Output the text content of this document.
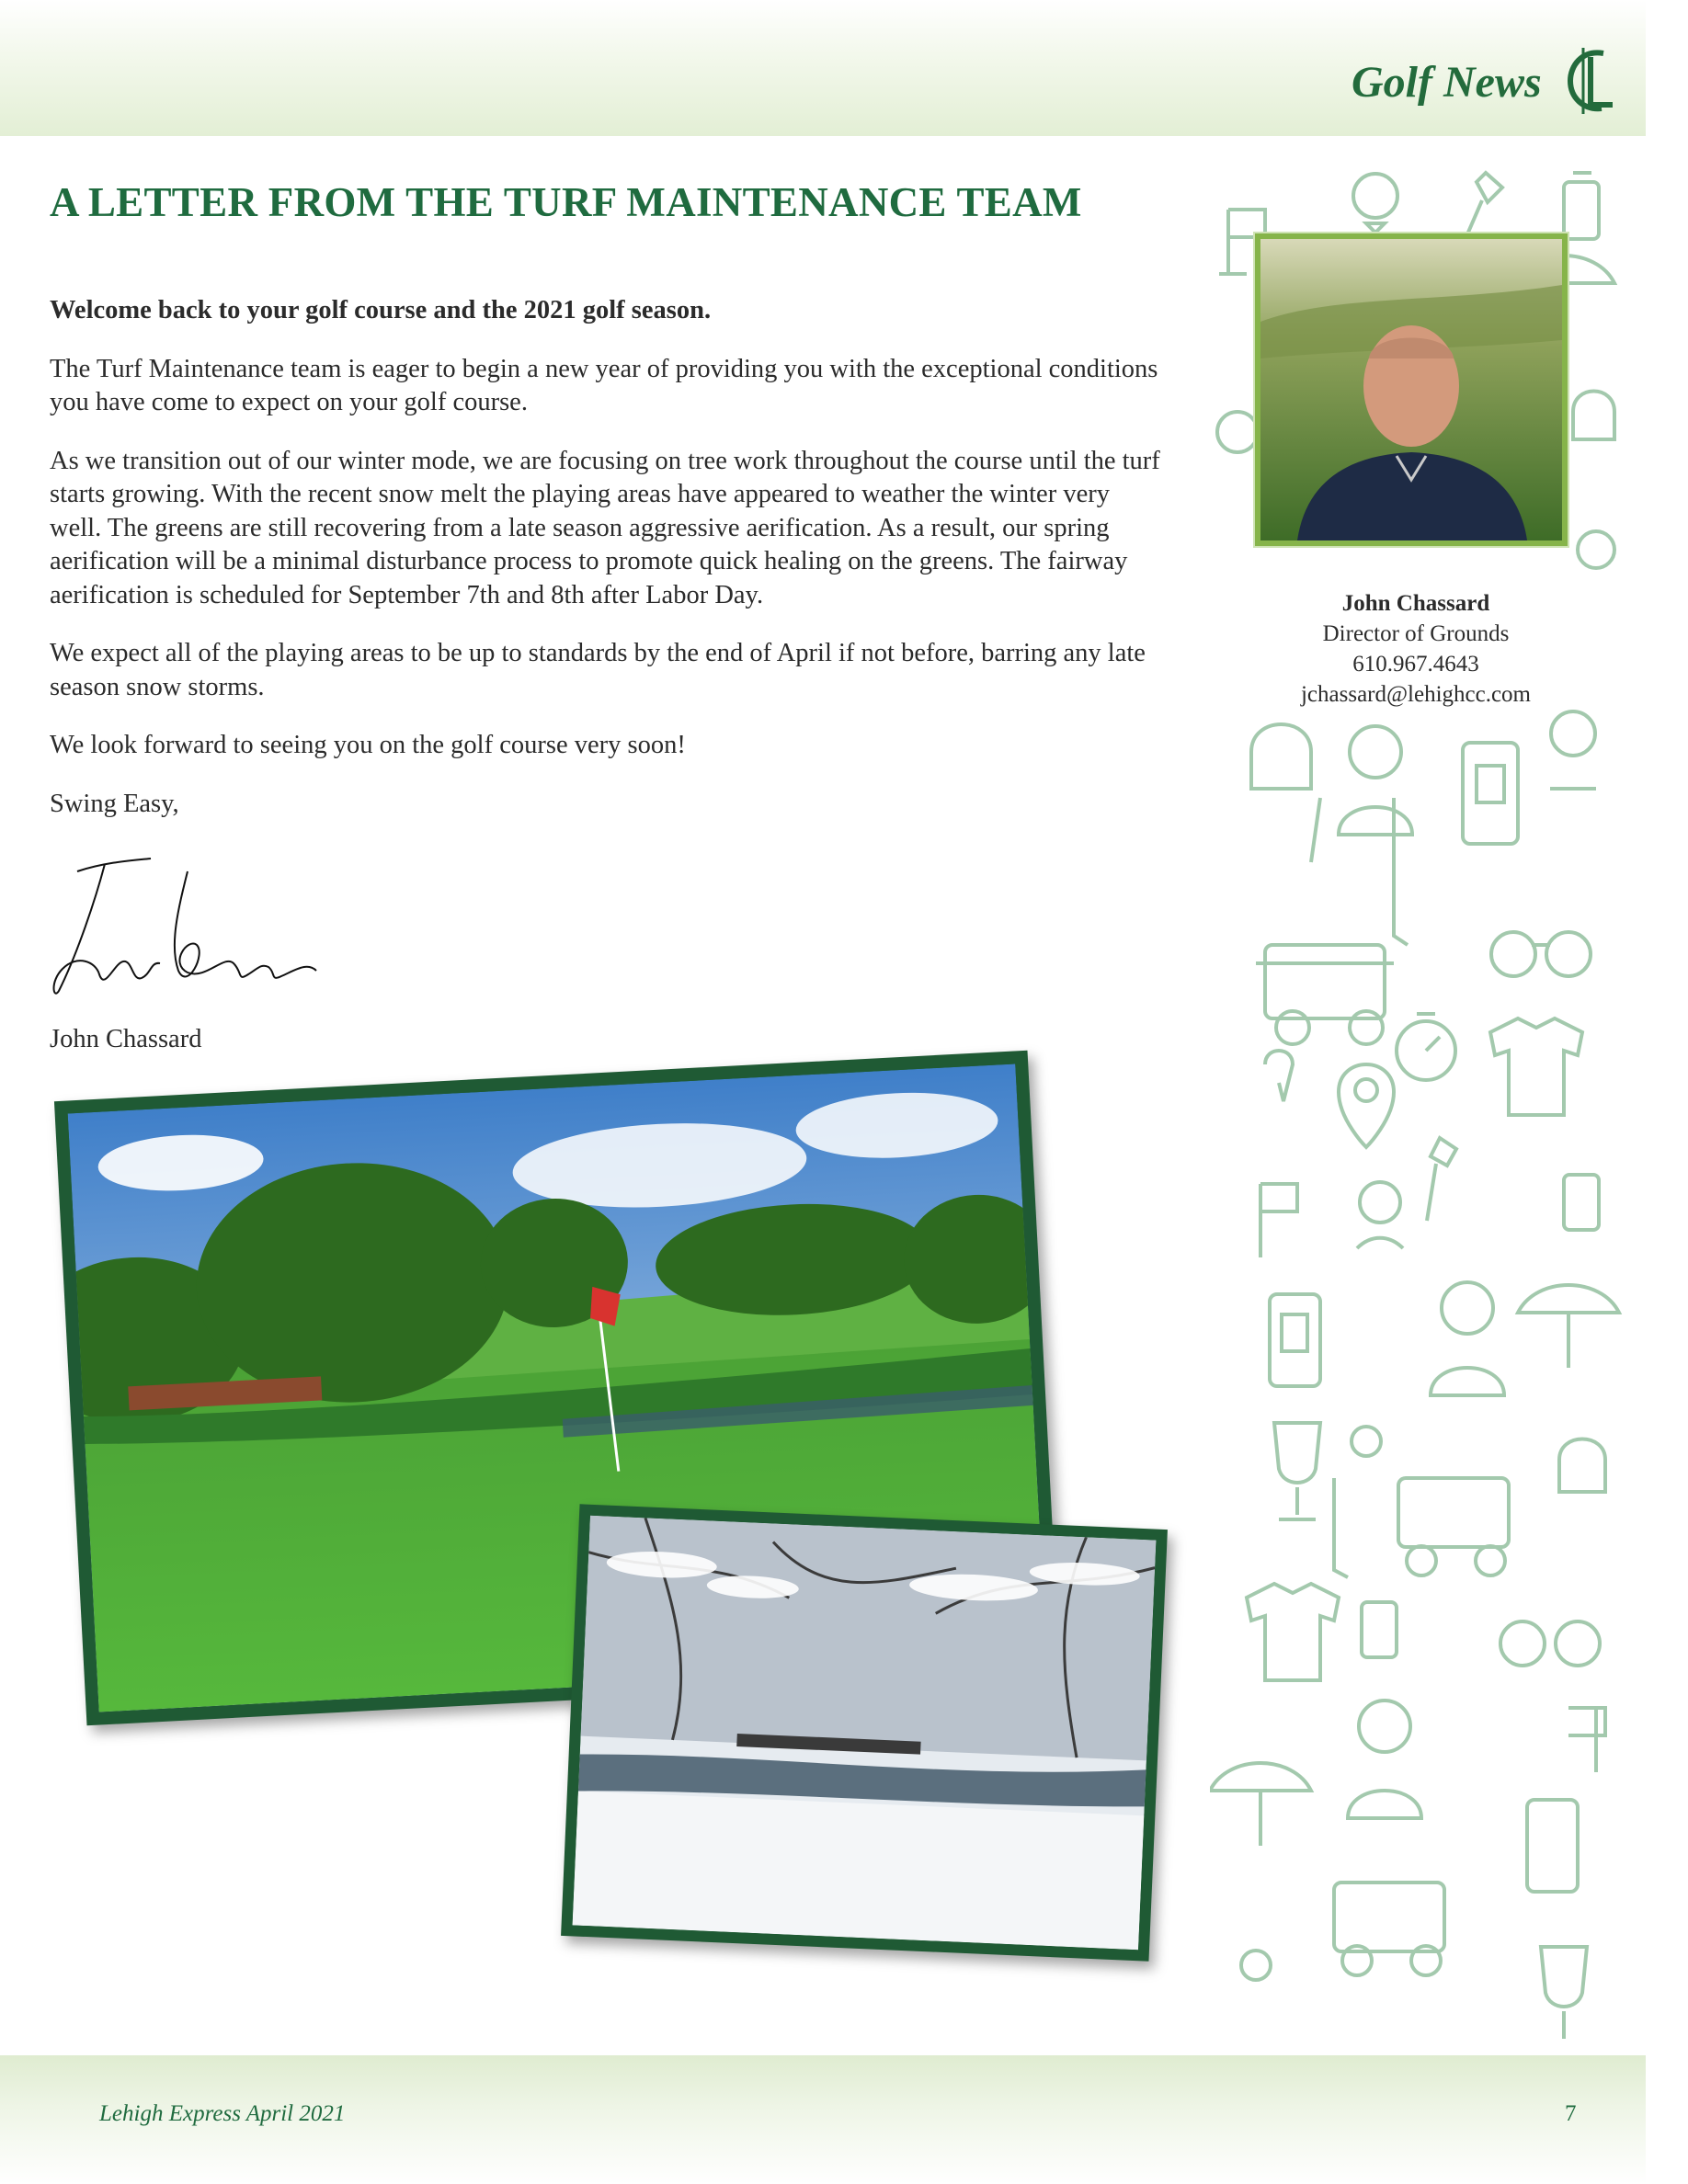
Golf News
A LETTER FROM THE TURF MAINTENANCE TEAM

Welcome back to your golf course and the 2021 golf season.

The Turf Maintenance team is eager to begin a new year of providing you with the exceptional conditions you have come to expect on your golf course.

As we transition out of our winter mode, we are focusing on tree work throughout the course until the turf starts growing. With the recent snow melt the playing areas have appeared to weather the winter very well. The greens are still recovering from a late season aggressive aerification. As a result, our spring aerification will be a minimal disturbance process to promote quick healing on the greens. The fairway aerification is scheduled for September 7th and 8th after Labor Day.

We expect all of the playing areas to be up to standards by the end of April if not before, barring any late season snow storms.

We look forward to seeing you on the golf course very soon!

Swing Easy,

John Chassard
John Chassard
Director of Grounds
610.967.4643
jchassard@lehighcc.com
Lehigh Express April 2021	7
